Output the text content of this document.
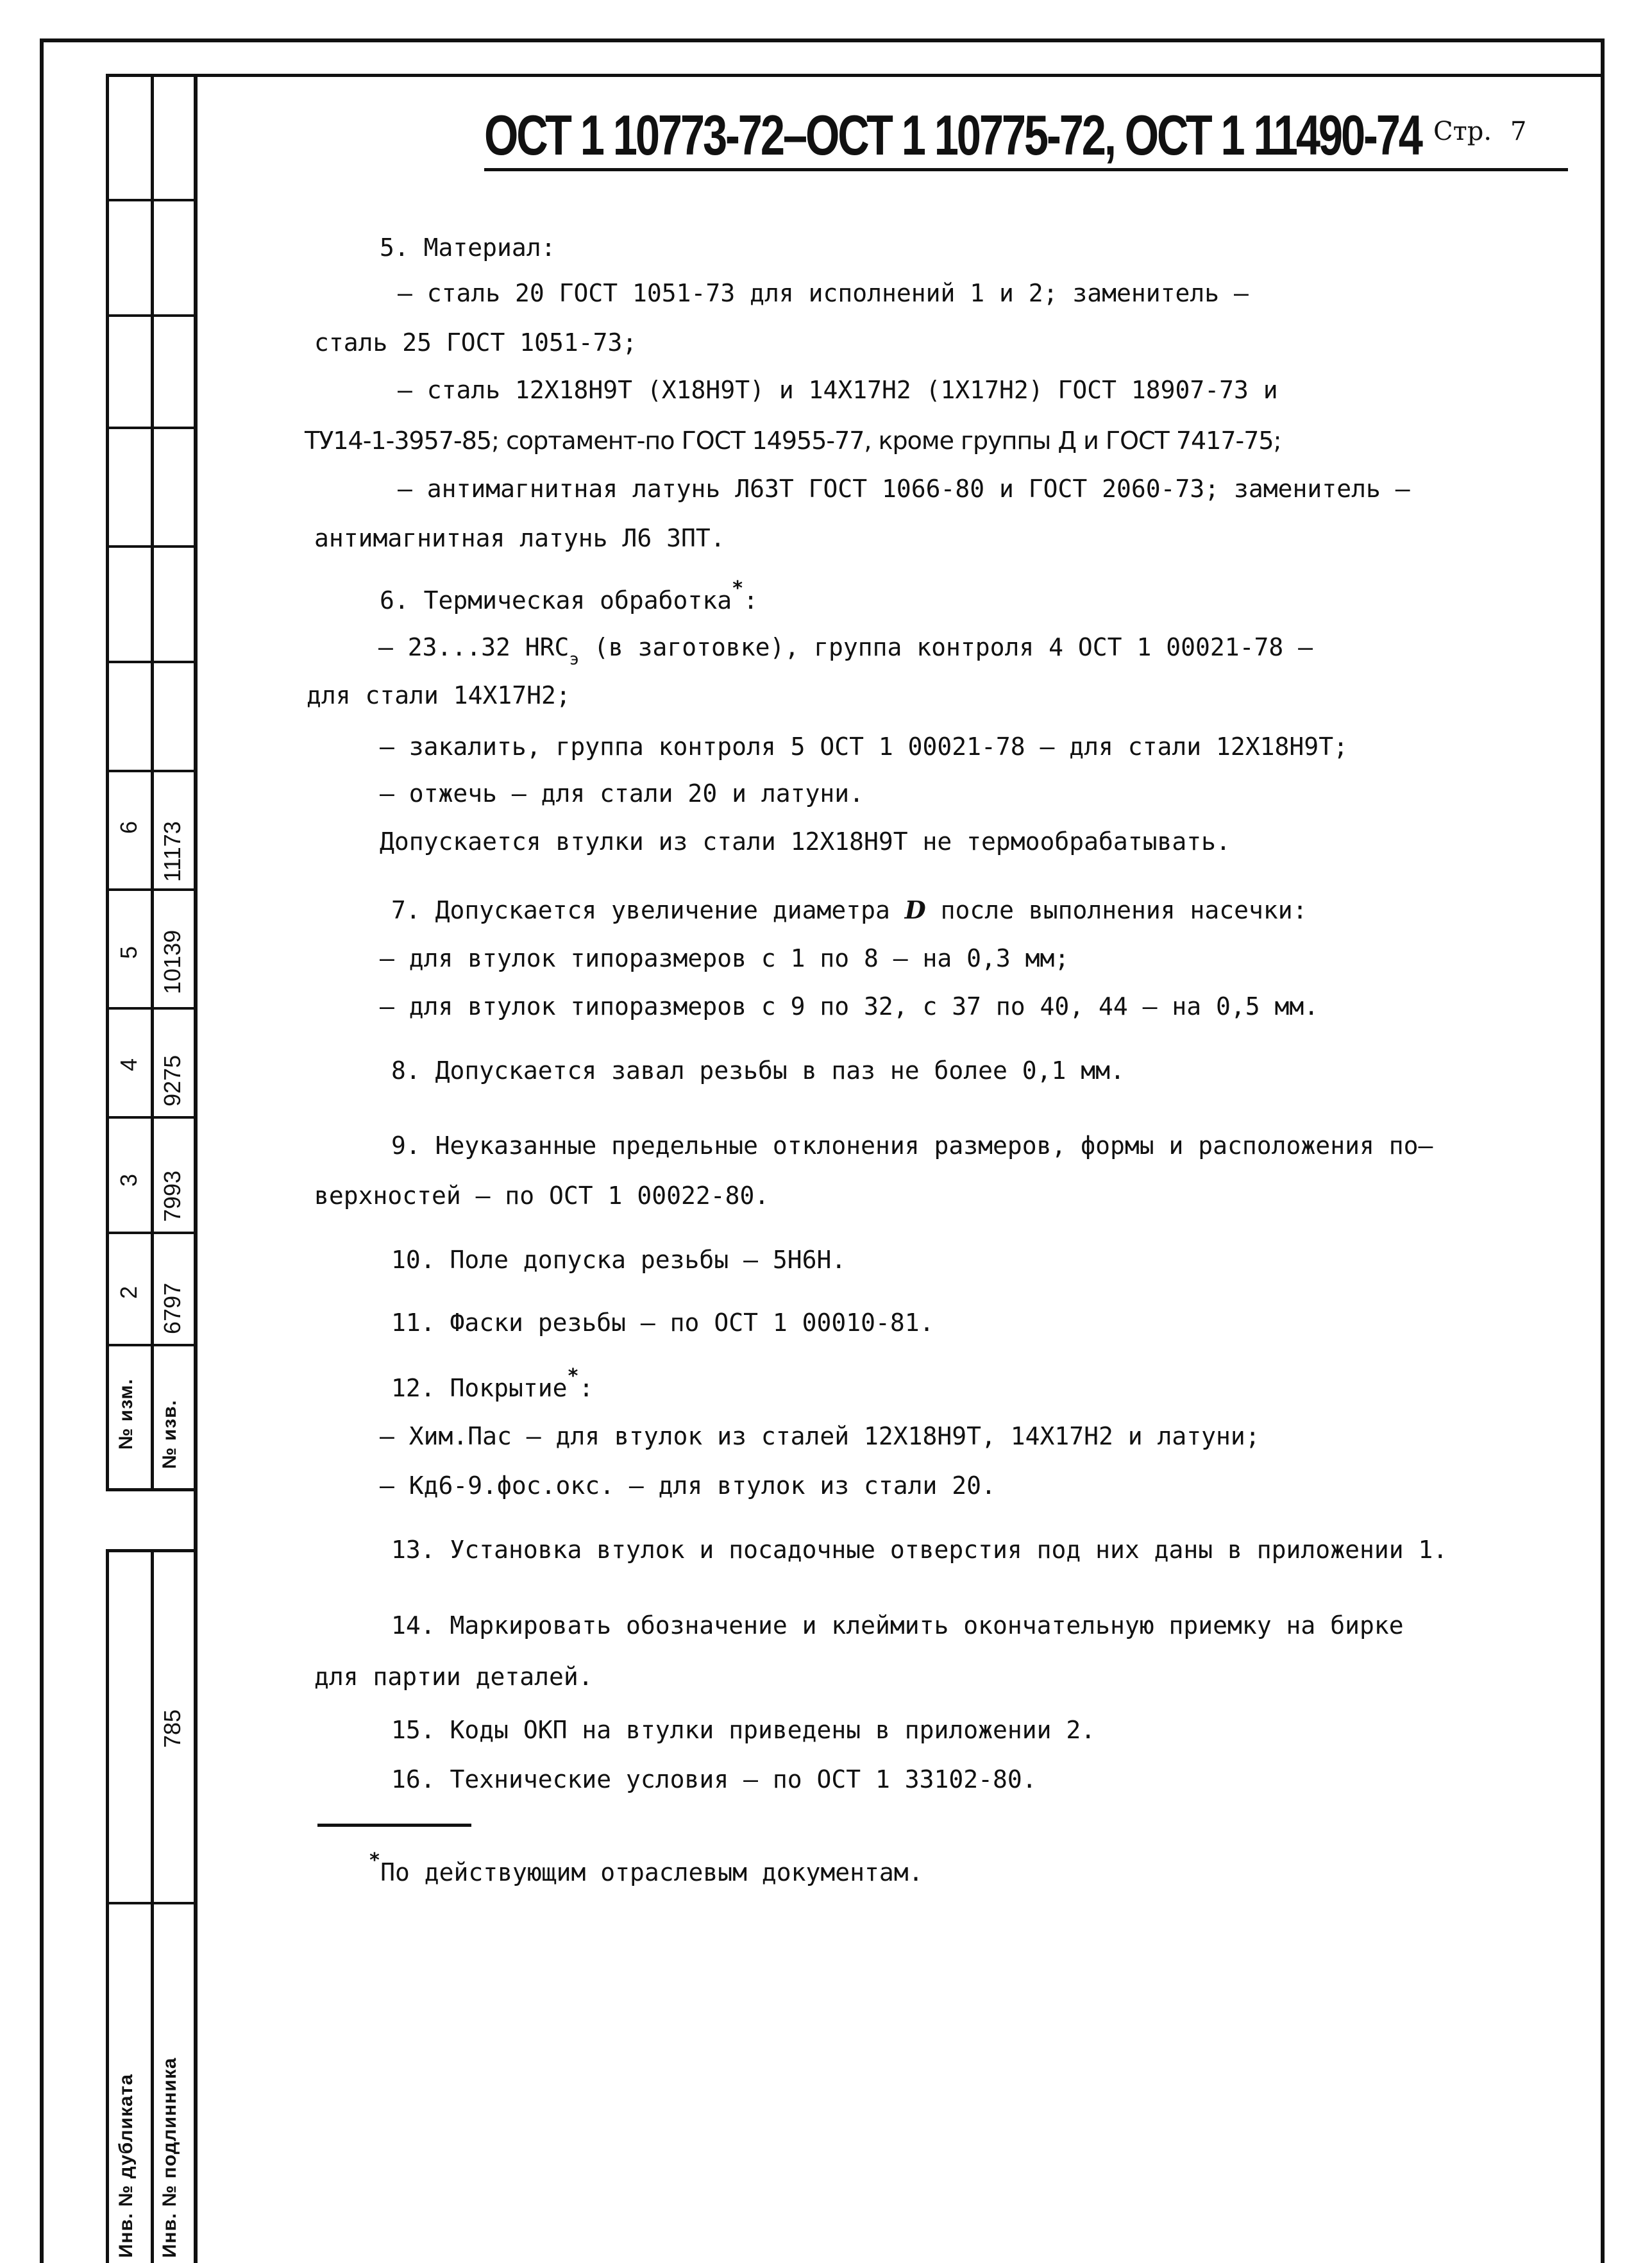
6 11173
5 10139
4 9275
3 7993
2 6797
№ изм. № изв.
785
Инв. № дубликата Инв. № подлинника
ОСТ 1 10773-72–ОСТ 1 10775-72, ОСТ 1 11490-74 Стр. 7
5. Материал:
– сталь 20 ГОСТ 1051-73 для исполнений 1 и 2; заменитель –
сталь 25 ГОСТ 1051-73;
– сталь 12Х18Н9Т (Х18Н9Т) и 14Х17Н2 (1Х17Н2) ГОСТ 18907-73 и
ТУ14-1-3957-85; сортамент-по ГОСТ 14955-77, кроме группы Д и ГОСТ 7417-75;
– антимагнитная латунь Л63Т ГОСТ 1066-80 и ГОСТ 2060-73; заменитель –
антимагнитная латунь Л6 3ПТ.
6. Термическая обработка*:
– 23...32 $HRC_э$ (в заготовке), группа контроля 4 ОСТ 1 00021-78 –
для стали 14Х17Н2;
– закалить, группа контроля 5 ОСТ 1 00021-78 – для стали 12Х18Н9Т;
– отжечь – для стали 20 и латуни.
Допускается втулки из стали 12Х18Н9Т не термообрабатывать.
7. Допускается увеличение диаметра D после выполнения насечки:
– для втулок типоразмеров с 1 по 8 – на 0,3 мм;
– для втулок типоразмеров с 9 по 32, с 37 по 40, 44 – на 0,5 мм.
8. Допускается завал резьбы в паз не более 0,1 мм.
9. Неуказанные предельные отклонения размеров, формы и расположения по–
верхностей – по ОСТ 1 00022-80.
10. Поле допуска резьбы – 5Н6Н.
11. Фаски резьбы – по ОСТ 1 00010-81.
12. Покрытие*:
– Хим.Пас – для втулок из сталей 12Х18Н9Т, 14Х17Н2 и латуни;
– Кд6-9.фос.окс. – для втулок из стали 20.
13. Установка втулок и посадочные отверстия под них даны в приложении 1.
14. Маркировать обозначение и клеймить окончательную приемку на бирке
для партии деталей.
15. Коды ОКП на втулки приведены в приложении 2.
16. Технические условия – по ОСТ 1 33102-80.
*По действующим отраслевым документам.
